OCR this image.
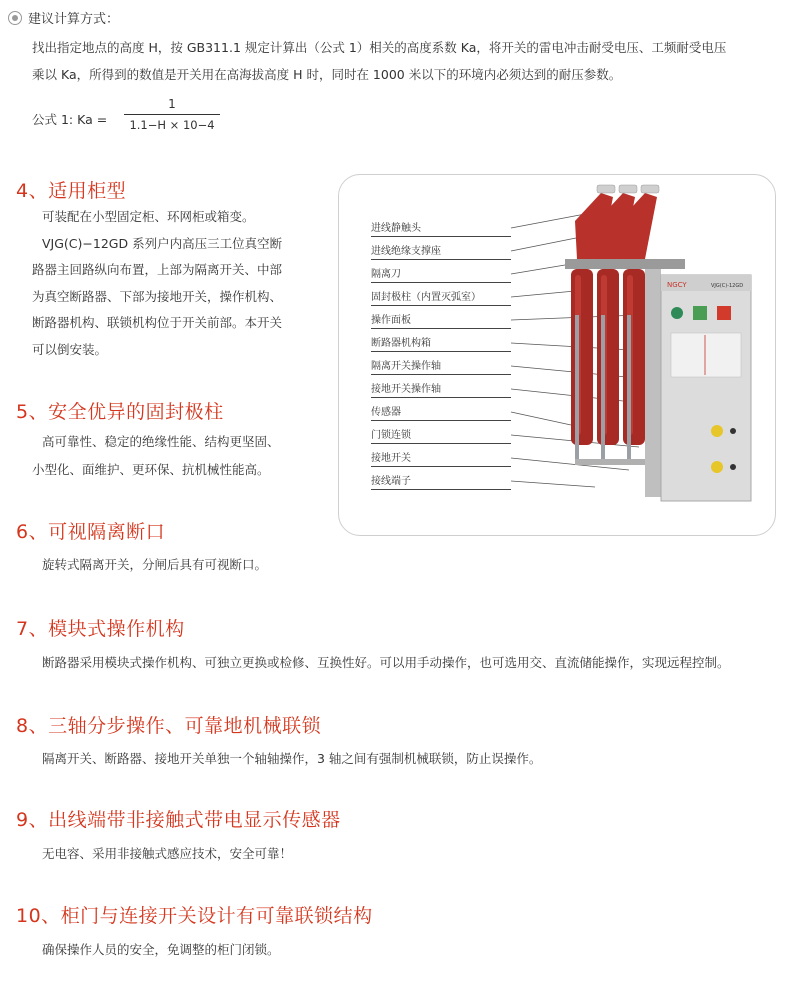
建议计算方式：
找出指定地点的高度 H，按 GB311.1 规定计算出（公式 1）相关的高度系数 Ka，将开关的雷电冲击耐受电压、工频耐受电压
乘以 Ka，所得到的数值是开关用在高海拔高度 H 时，同时在 1000 米以下的环境内必须达到的耐压参数。
公式 1: Ka =
1
1.1−H × 10−4
4、适用柜型
可装配在小型固定柜、环网柜或箱变。
VJG(C)−12GD 系列户内高压三工位真空断
路器主回路纵向布置，上部为隔离开关、中部
为真空断路器、下部为接地开关，操作机构、
断路器机构、联锁机构位于开关前部。本开关
可以倒安装。
5、安全优异的固封极柱
高可靠性、稳定的绝缘性能、结构更坚固、
小型化、面维护、更环保、抗机械性能高。
6、可视隔离断口
旋转式隔离开关，分闸后具有可视断口。
7、模块式操作机构
断路器采用模块式操作机构、可独立更换或检修、互换性好。可以用手动操作，也可选用交、直流储能操作，实现远程控制。
8、三轴分步操作、可靠地机械联锁
隔离开关、断路器、接地开关单独一个轴轴操作，3 轴之间有强制机械联锁，防止误操作。
9、出线端带非接触式带电显示传感器
无电容、采用非接触式感应技术，安全可靠！
10、柜门与连接开关设计有可靠联锁结构
确保操作人员的安全，免调整的柜门闭锁。
进线静触头
进线绝缘支撑座
隔离刀
固封极柱（内置灭弧室）
操作面板
断路器机构箱
隔离开关操作轴
接地开关操作轴
传感器
门锁连锁
接地开关
接线端子
NGCY	VJG(C)-12GD
